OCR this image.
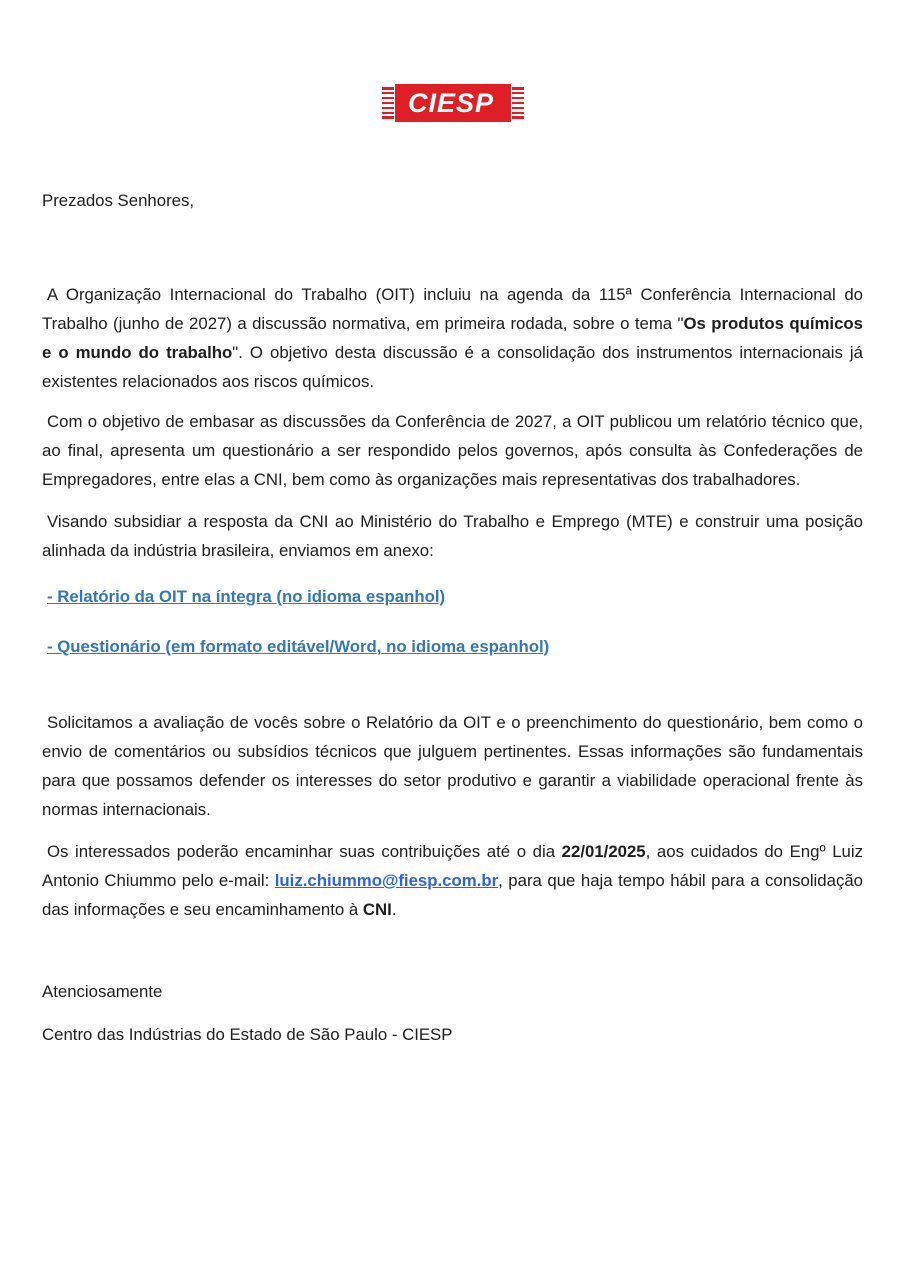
CIESP

Prezados Senhores,

A Organização Internacional do Trabalho (OIT) incluiu na agenda da 115ª Conferência Internacional do Trabalho (junho de 2027) a discussão normativa, em primeira rodada, sobre o tema "Os produtos químicos e o mundo do trabalho". O objetivo desta discussão é a consolidação dos instrumentos internacionais já existentes relacionados aos riscos químicos.

Com o objetivo de embasar as discussões da Conferência de 2027, a OIT publicou um relatório técnico que, ao final, apresenta um questionário a ser respondido pelos governos, após consulta às Confederações de Empregadores, entre elas a CNI, bem como às organizações mais representativas dos trabalhadores.

Visando subsidiar a resposta da CNI ao Ministério do Trabalho e Emprego (MTE) e construir uma posição alinhada da indústria brasileira, enviamos em anexo:

- Relatório da OIT na íntegra (no idioma espanhol)

- Questionário (em formato editável/Word, no idioma espanhol)

Solicitamos a avaliação de vocês sobre o Relatório da OIT e o preenchimento do questionário, bem como o envio de comentários ou subsídios técnicos que julguem pertinentes. Essas informações são fundamentais para que possamos defender os interesses do setor produtivo e garantir a viabilidade operacional frente às normas internacionais.

Os interessados poderão encaminhar suas contribuições até o dia 22/01/2025, aos cuidados do Engº Luiz Antonio Chiummo pelo e-mail: luiz.chiummo@fiesp.com.br, para que haja tempo hábil para a consolidação das informações e seu encaminhamento à CNI.

Atenciosamente

Centro das Indústrias do Estado de São Paulo - CIESP
